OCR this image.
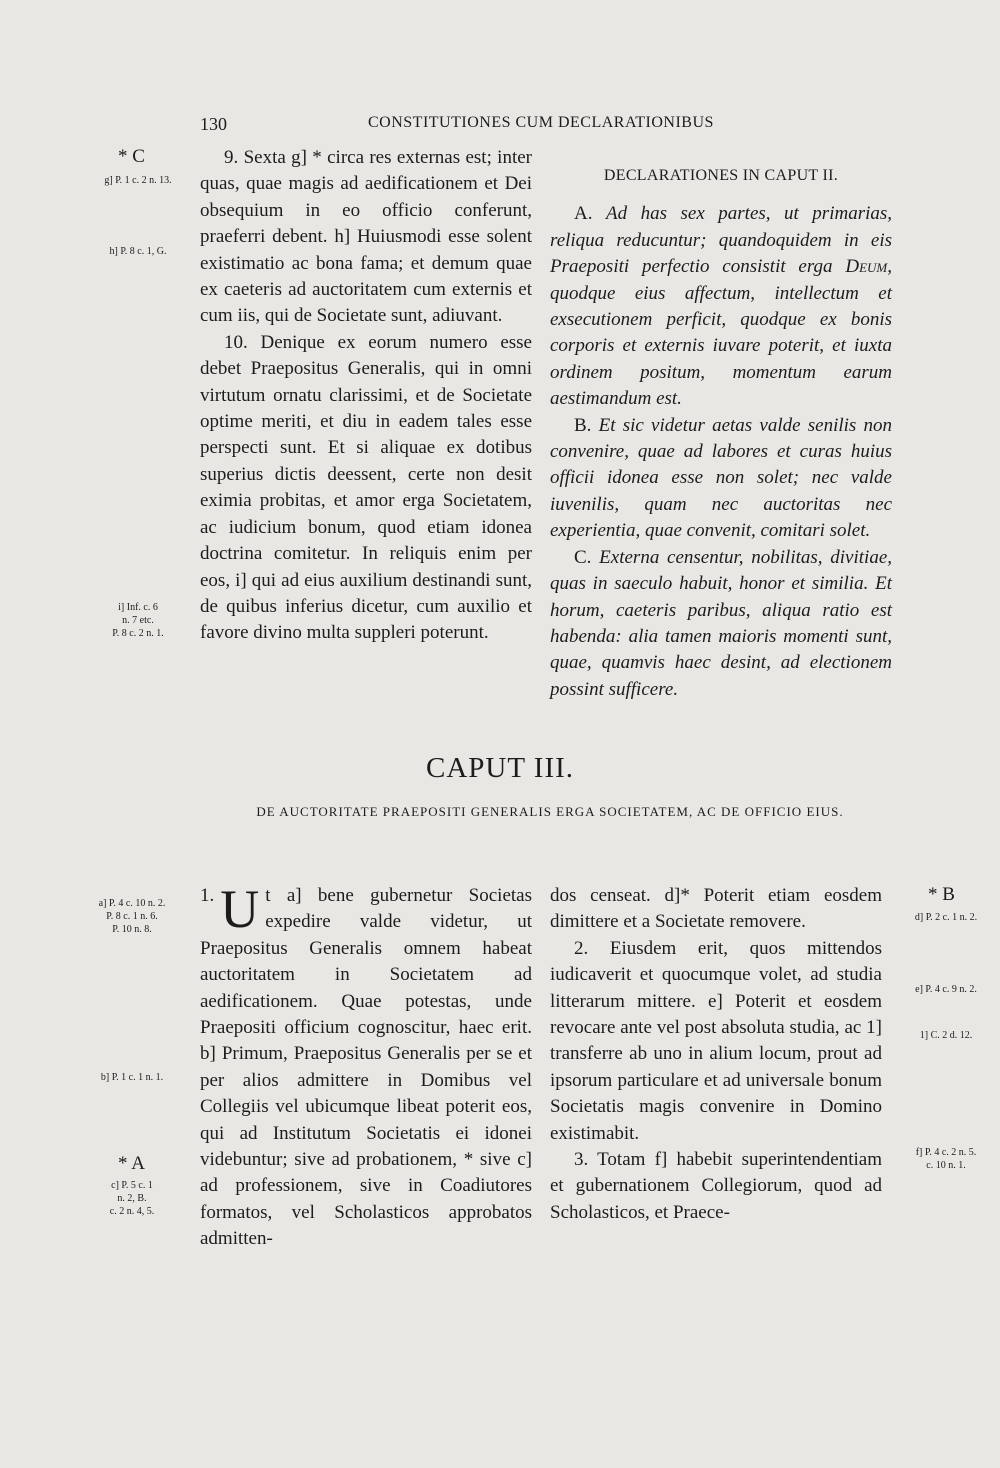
130	CONSTITUTIONES CUM DECLARATIONIBUS
* C
g] P. 1 c. 2 n. 13.
h] P. 8 c. 1, G.
i] Inf. c. 6
n. 7 etc.
P. 8 c. 2 n. 1.

9. Sexta g] * circa res externas est; inter quas, quae magis ad aedificationem et Dei obsequium in eo officio conferunt, praeferri debent. h] Huiusmodi esse solent existimatio ac bona fama; et demum quae ex caeteris ad auctoritatem cum externis et cum iis, qui de Societate sunt, adiuvant.

10. Denique ex eorum numero esse debet Praepositus Generalis, qui in omni virtutum ornatu clarissimi, et de Societate optime meriti, et diu in eadem tales esse perspecti sunt. Et si aliquae ex dotibus superius dictis deessent, certe non desit eximia probitas, et amor erga Societatem, ac iudicium bonum, quod etiam idonea doctrina comitetur. In reliquis enim per eos, i] qui ad eius auxilium destinandi sunt, de quibus inferius dicetur, cum auxilio et favore divino multa suppleri poterunt.

DECLARATIONES IN CAPUT II.

A. Ad has sex partes, ut primarias, reliqua reducuntur; quandoquidem in eis Praepositi perfectio consistit erga Deum, quodque eius affectum, intellectum et exsecutionem perficit, quodque ex bonis corporis et externis iuvare poterit, et iuxta ordinem positum, momentum earum aestimandum est.

B. Et sic videtur aetas valde senilis non convenire, quae ad labores et curas huius officii idonea esse non solet; nec valde iuvenilis, quam nec auctoritas nec experientia, quae convenit, comitari solet.

C. Externa censentur, nobilitas, divitiae, quas in saeculo habuit, honor et similia. Et horum, caeteris paribus, aliqua ratio est habenda: alia tamen maioris momenti sunt, quae, quamvis haec desint, ad electionem possint sufficere.

CAPUT III.
DE AUCTORITATE PRAEPOSITI GENERALIS ERGA SOCIETATEM, AC DE OFFICIO EIUS.
a] P. 4 c. 10 n. 2.
P. 8 c. 1 n. 6.
P. 10 n. 8.
b] P. 1 c. 1 n. 1.
* A
c] P. 5 c. 1
n. 2, B.
c. 2 n. 4, 5.
* B
d] P. 2 c. 1 n. 2.
e] P. 4 c. 9 n. 2.
1] C. 2 d. 12.
f] P. 4 c. 2 n. 5.
c. 10 n. 1.

1. U t a] bene gubernetur Societas expedire valde videtur, ut Praepositus Generalis omnem habeat auctoritatem in Societatem ad aedificationem. Quae potestas, unde Praepositi officium cognoscitur, haec erit. b] Primum, Praepositus Generalis per se et per alios admittere in Domibus vel Collegiis vel ubicumque libeat poterit eos, qui ad Institutum Societatis ei idonei videbuntur; sive ad probationem, * sive c] ad professionem, sive in Coadiutores formatos, vel Scholasticos approbatos admitten-

dos censeat. d]* Poterit etiam eosdem dimittere et a Societate removere.

2. Eiusdem erit, quos mittendos iudicaverit et quocumque volet, ad studia litterarum mittere. e] Poterit et eosdem revocare ante vel post absoluta studia, ac 1] transferre ab uno in alium locum, prout ad ipsorum particulare et ad universale bonum Societatis magis convenire in Domino existimabit.

3. Totam f] habebit superintendentiam et gubernationem Collegiorum, quod ad Scholasticos, et Praece-
